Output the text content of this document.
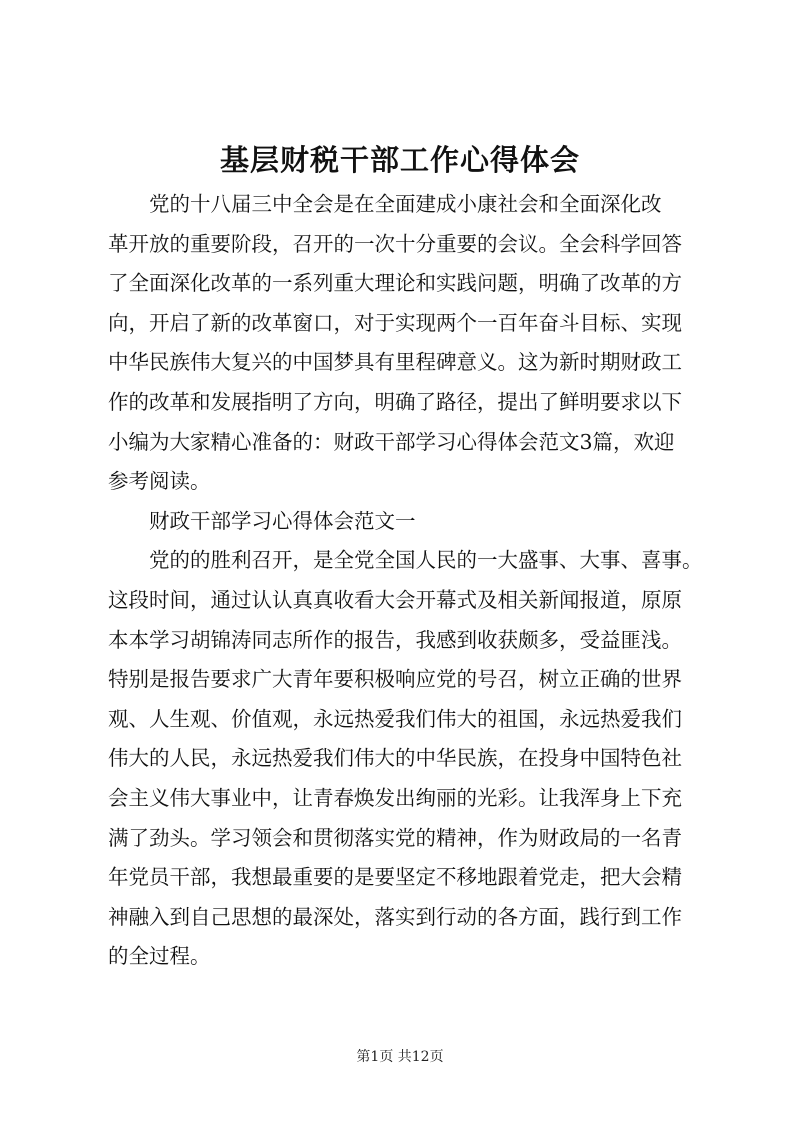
基层财税干部工作心得体会
党的十八届三中全会是在全面建成小康社会和全面深化改
革开放的重要阶段，召开的一次十分重要的会议。全会科学回答
了全面深化改革的一系列重大理论和实践问题，明确了改革的方
向，开启了新的改革窗口，对于实现两个一百年奋斗目标、实现
中华民族伟大复兴的中国梦具有里程碑意义。这为新时期财政工
作的改革和发展指明了方向，明确了路径，提出了鲜明要求以下
小编为大家精心准备的：财政干部学习心得体会范文3篇，欢迎
参考阅读。
财政干部学习心得体会范文一
党的的胜利召开，是全党全国人民的一大盛事、大事、喜事。
这段时间，通过认认真真收看大会开幕式及相关新闻报道，原原
本本学习胡锦涛同志所作的报告，我感到收获颇多，受益匪浅。
特别是报告要求广大青年要积极响应党的号召，树立正确的世界
观、人生观、价值观，永远热爱我们伟大的祖国，永远热爱我们
伟大的人民，永远热爱我们伟大的中华民族，在投身中国特色社
会主义伟大事业中，让青春焕发出绚丽的光彩。让我浑身上下充
满了劲头。学习领会和贯彻落实党的精神，作为财政局的一名青
年党员干部，我想最重要的是要坚定不移地跟着党走，把大会精
神融入到自己思想的最深处，落实到行动的各方面，践行到工作
的全过程。
第1页 共12页
